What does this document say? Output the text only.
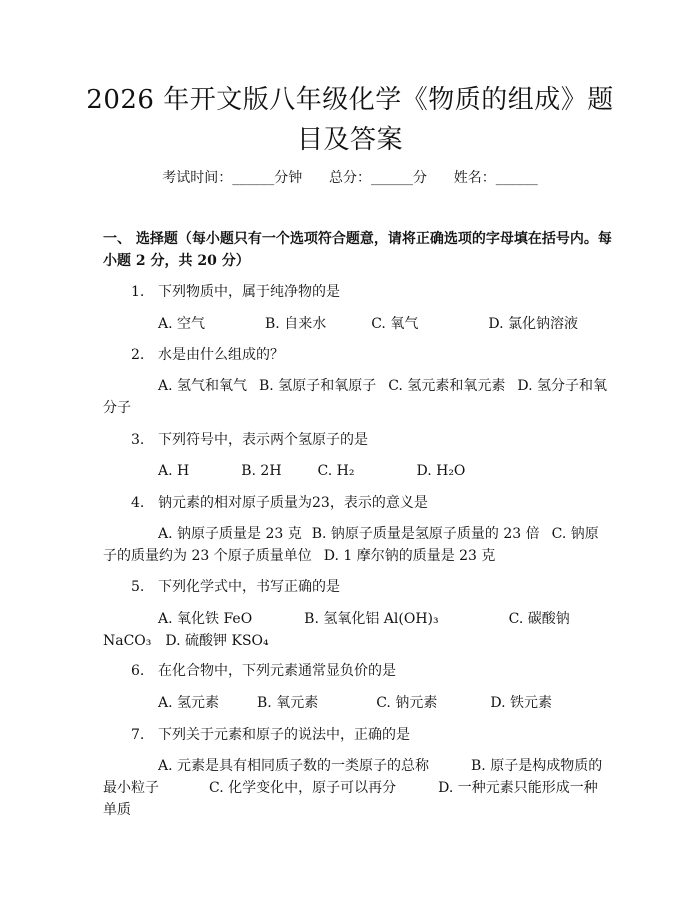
2026 年开文版八年级化学《物质的组成》题
目及答案
考试时间：______分钟      总分：______分      姓名：______
一、 选择题（每小题只有一个选项符合题意，请将正确选项的字母填在括号内。每小题 2 分，共 20 分）
1. 下列物质中，属于纯净物的是
A. 空气	B. 自来水	C. 氧气	D. 氯化钠溶液
2. 水是由什么组成的？
A. 氢气和氧气 B. 氢原子和氧原子 C. 氢元素和氧元素 D. 氢分子和氧分子
3. 下列符号中，表示两个氢原子的是
A. H	B. 2H	C. H₂	D. H₂O
4. 钠元素的相对原子质量为23，表示的意义是
A. 钠原子质量是 23 克 B. 钠原子质量是氢原子质量的 23 倍 C. 钠原子的质量约为 23 个原子质量单位 D. 1 摩尔钠的质量是 23 克
5. 下列化学式中，书写正确的是
A. 氧化铁 FeO	B. 氢氧化铝 Al(OH)₃	C. 碳酸钠 NaCO₃ D. 硫酸钾 KSO₄
6. 在化合物中，下列元素通常显负价的是
A. 氢元素	B. 氧元素	C. 钠元素	D. 铁元素
7. 下列关于元素和原子的说法中，正确的是
A. 元素是具有相同质子数的一类原子的总称	B. 原子是构成物质的最小粒子	C. 化学变化中，原子可以再分	D. 一种元素只能形成一种单质
